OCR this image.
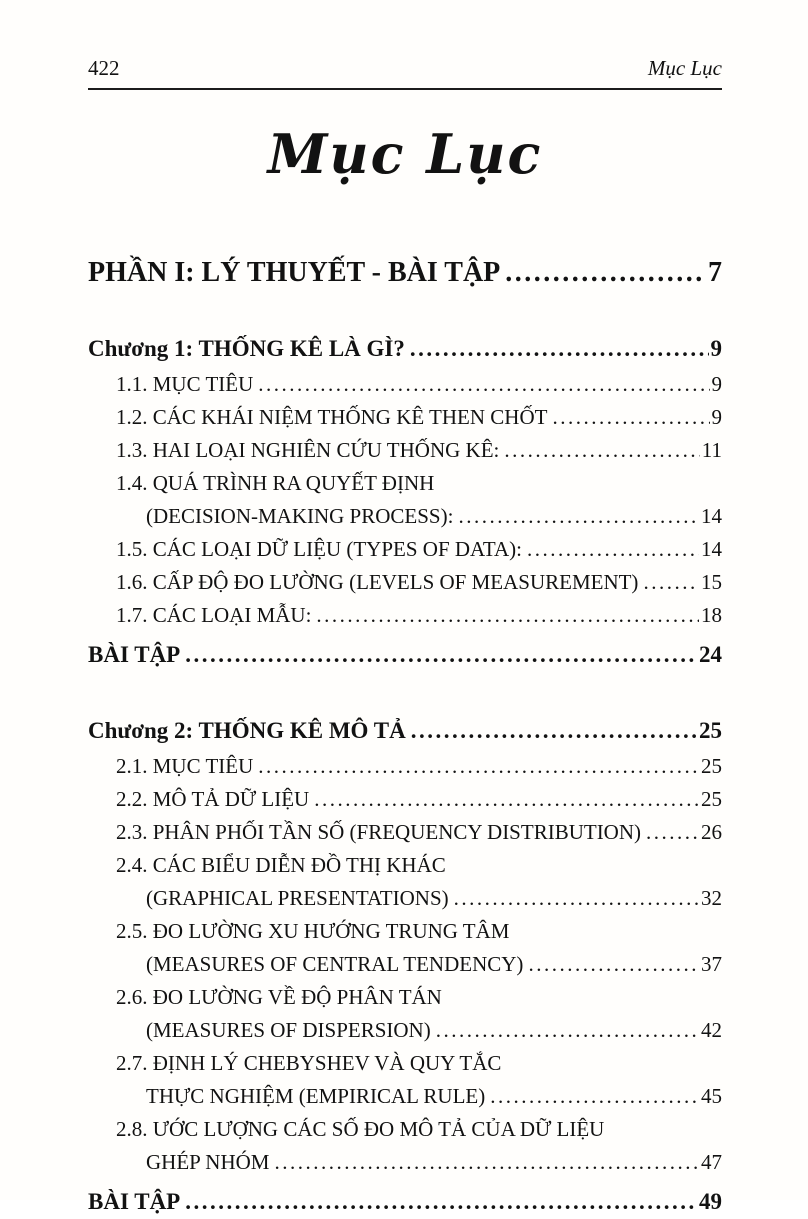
422	Mục Lục
Mục Lục
PHẦN I: LÝ THUYẾT - BÀI TẬP .....	7
Chương 1: THỐNG KÊ LÀ GÌ? .....	9
1.1. MỤC TIÊU .....	9
1.2. CÁC KHÁI NIỆM THỐNG KÊ THEN CHỐT .....	9
1.3. HAI LOẠI NGHIÊN CỨU THỐNG KÊ: .....	11
1.4. QUÁ TRÌNH RA QUYẾT ĐỊNH
(DECISION-MAKING PROCESS): .....	14
1.5. CÁC LOẠI DỮ LIỆU (TYPES OF DATA): .....	14
1.6. CẤP ĐỘ ĐO LƯỜNG (LEVELS OF MEASUREMENT) .....	15
1.7. CÁC LOẠI MẪU: .....	18
BÀI TẬP .....	24
Chương 2: THỐNG KÊ MÔ TẢ .....	25
2.1. MỤC TIÊU .....	25
2.2. MÔ TẢ DỮ LIỆU .....	25
2.3. PHÂN PHỐI TẦN SỐ (FREQUENCY DISTRIBUTION) .....	26
2.4. CÁC BIỂU DIỄN ĐỒ THỊ KHÁC
(GRAPHICAL PRESENTATIONS) .....	32
2.5. ĐO LƯỜNG XU HƯỚNG TRUNG TÂM
(MEASURES OF CENTRAL TENDENCY) .....	37
2.6. ĐO LƯỜNG VỀ ĐỘ PHÂN TÁN
(MEASURES OF DISPERSION) .....	42
2.7. ĐỊNH LÝ CHEBYSHEV VÀ QUY TẮC
THỰC NGHIỆM (EMPIRICAL RULE) .....	45
2.8. ƯỚC LƯỢNG CÁC SỐ ĐO MÔ TẢ CỦA DỮ LIỆU
GHÉP NHÓM .....	47
BÀI TẬP .....	49
